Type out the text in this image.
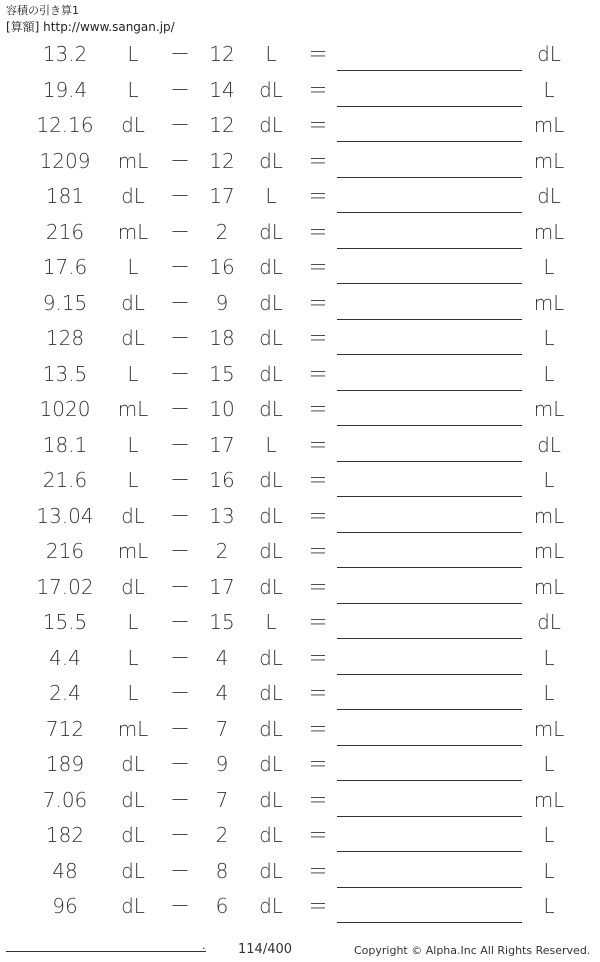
容積の引き算1
[算額] http://www.sangan.jp/
13.2	L	－ 12	L	＝	dL
19.4	L	－ 14	dL	＝	L
12.16	dL	－ 12	dL	＝	mL
1209	mL	－ 12	dL	＝	mL
181	dL	－ 17	L	＝	dL
216	mL	－	2	dL	＝	mL
17.6	L	－ 16	dL	＝	L
9.15	dL	－	9	dL	＝	mL
128	dL	－ 18	dL	＝	L
13.5	L	－ 15	dL	＝	L
1020	mL	－ 10	dL	＝	mL
18.1	L	－ 17	L	＝	dL
21.6	L	－ 16	dL	＝	L
13.04	dL	－ 13	dL	＝	mL
216	mL	－	2	dL	＝	mL
17.02	dL	－ 17	dL	＝	mL
15.5	L	－ 15	L	＝	dL
4.4	L	－	4	dL	＝	L
2.4	L	－	4	dL	＝	L
712	mL	－	7	dL	＝	mL
189	dL	－	9	dL	＝	L
7.06	dL	－	7	dL	＝	mL
182	dL	－	2	dL	＝	L
48	dL	－	8	dL	＝	L
96	dL	－	6	dL	＝	L
.	114/400	Copyright © Alpha.Inc All Rights Reserved.
